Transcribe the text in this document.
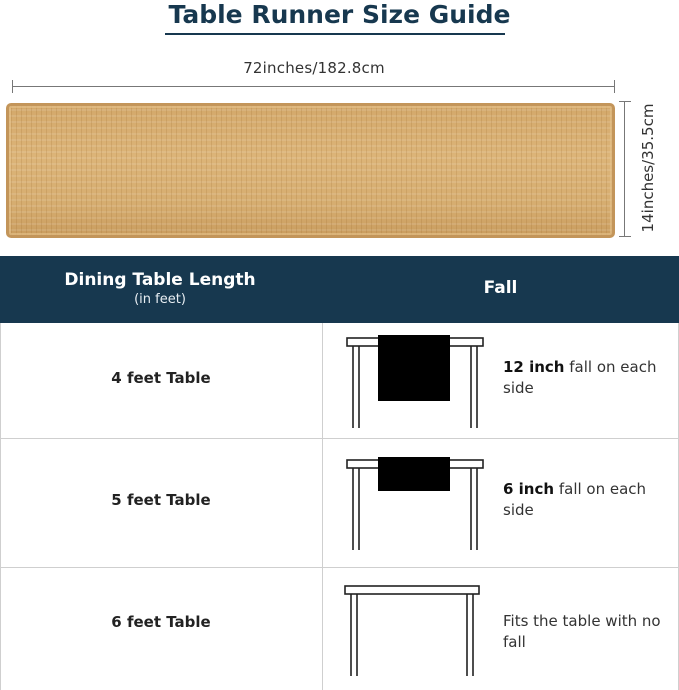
Table Runner Size Guide
72inches/182.8cm
14inches/35.5cm
Dining Table Length
(in feet)
Fall
4 feet Table
12 inch fall on each side
5 feet Table
6 inch fall on each side
6 feet Table	Fits the table with no fall
